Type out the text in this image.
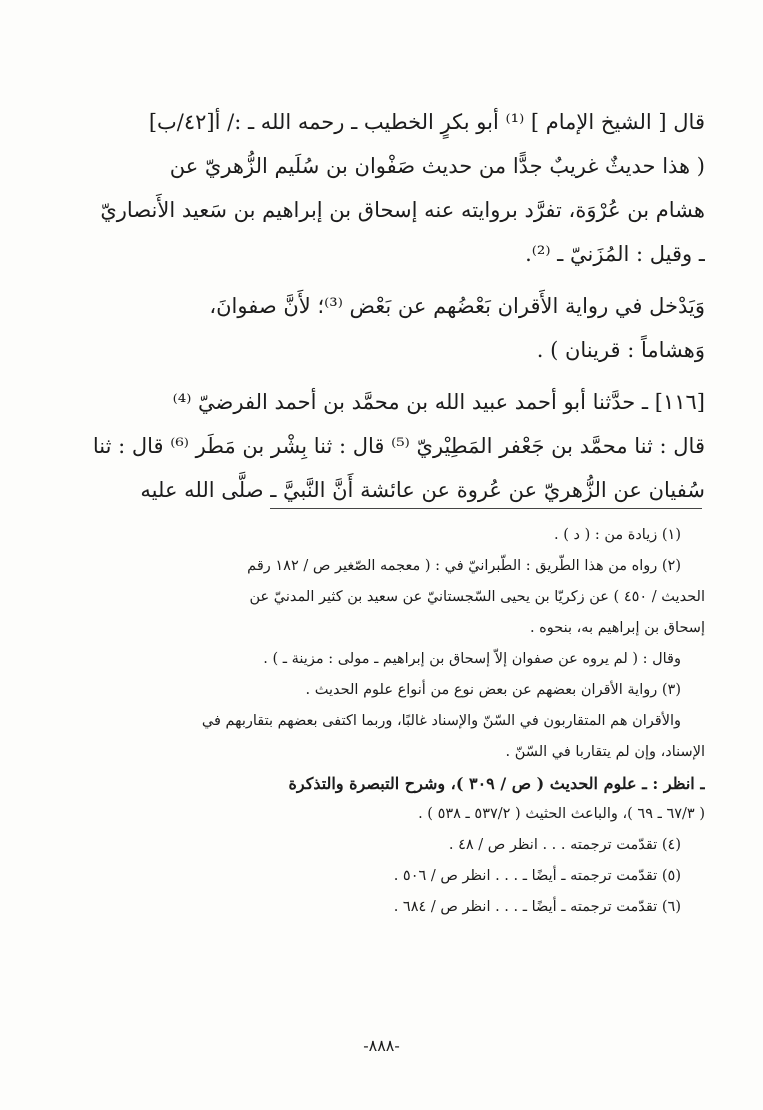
قال [ الشيخ الإمام ] ⁽¹⁾ أبو بكرٍ الخطيب ـ رحمه الله ـ :/ أ[٤٢/ب]
( هذا حديثٌ غريبٌ جدًّا من حديث صَفْوان بن سُلَيم الزُّهريّ عن
هشام بن عُرْوَة، تفرَّد بروايته عنه إسحاق بن إبراهيم بن سَعيد الأَنصاريّ
ـ وقيل : المُزَنيّ ـ ⁽²⁾.
وَيَدْخل في رواية الأَقران بَعْضُهم عن بَعْض ⁽³⁾؛ لأَنَّ صفوانَ،
وَهشاماً : قرينان ) .
[١١٦] ـ حدَّثنا أبو أحمد عبيد الله بن محمَّد بن أحمد الفرضيّ ⁽⁴⁾
قال : ثنا محمَّد بن جَعْفر المَطِيْريّ ⁽⁵⁾ قال : ثنا بِشْر بن مَطَر ⁽⁶⁾ قال : ثنا
سُفيان عن الزُّهريّ عن عُروة عن عائشة أَنَّ النَّبيَّ ـ صلَّى الله عليه
(١) زيادة من : ( د ) .
(٢) رواه من هذا الطّريق : الطّبرانيّ في : ( معجمه الصّغير ص / ١٨٢ رقم
الحديث / ٤٥٠ ) عن زكريّا بن يحيى السّجستانيّ عن سعيد بن كثير المدنيّ عن
إسحاق بن إبراهيم به، بنحوه .
وقال : ( لم يروه عن صفوان إلاّ إسحاق بن إبراهيم ـ مولى : مزينة ـ ) .
(٣) رواية الأقران بعضهم عن بعض نوع من أنواع علوم الحديث .
والأقران هم المتقاربون في السّنّ والإسناد غالبًا، وربما اكتفى بعضهم بتقاربهم في
الإسناد، وإن لم يتقاربا في السّنّ .
ـ انظر : ـ علوم الحديث ( ص / ٣٠٩ )، وشرح التبصرة والتذكرة
( ٦٧/٣ ـ ٦٩ )، والباعث الحثيث ( ٥٣٧/٢ ـ ٥٣٨ ) .
(٤) تقدّمت ترجمته . . . انظر ص / ٤٨ .
(٥) تقدّمت ترجمته ـ أيضًا ـ . . . انظر ص / ٥٠٦ .
(٦) تقدّمت ترجمته ـ أيضًا ـ . . . انظر ص / ٦٨٤ .
-٨٨٨-
